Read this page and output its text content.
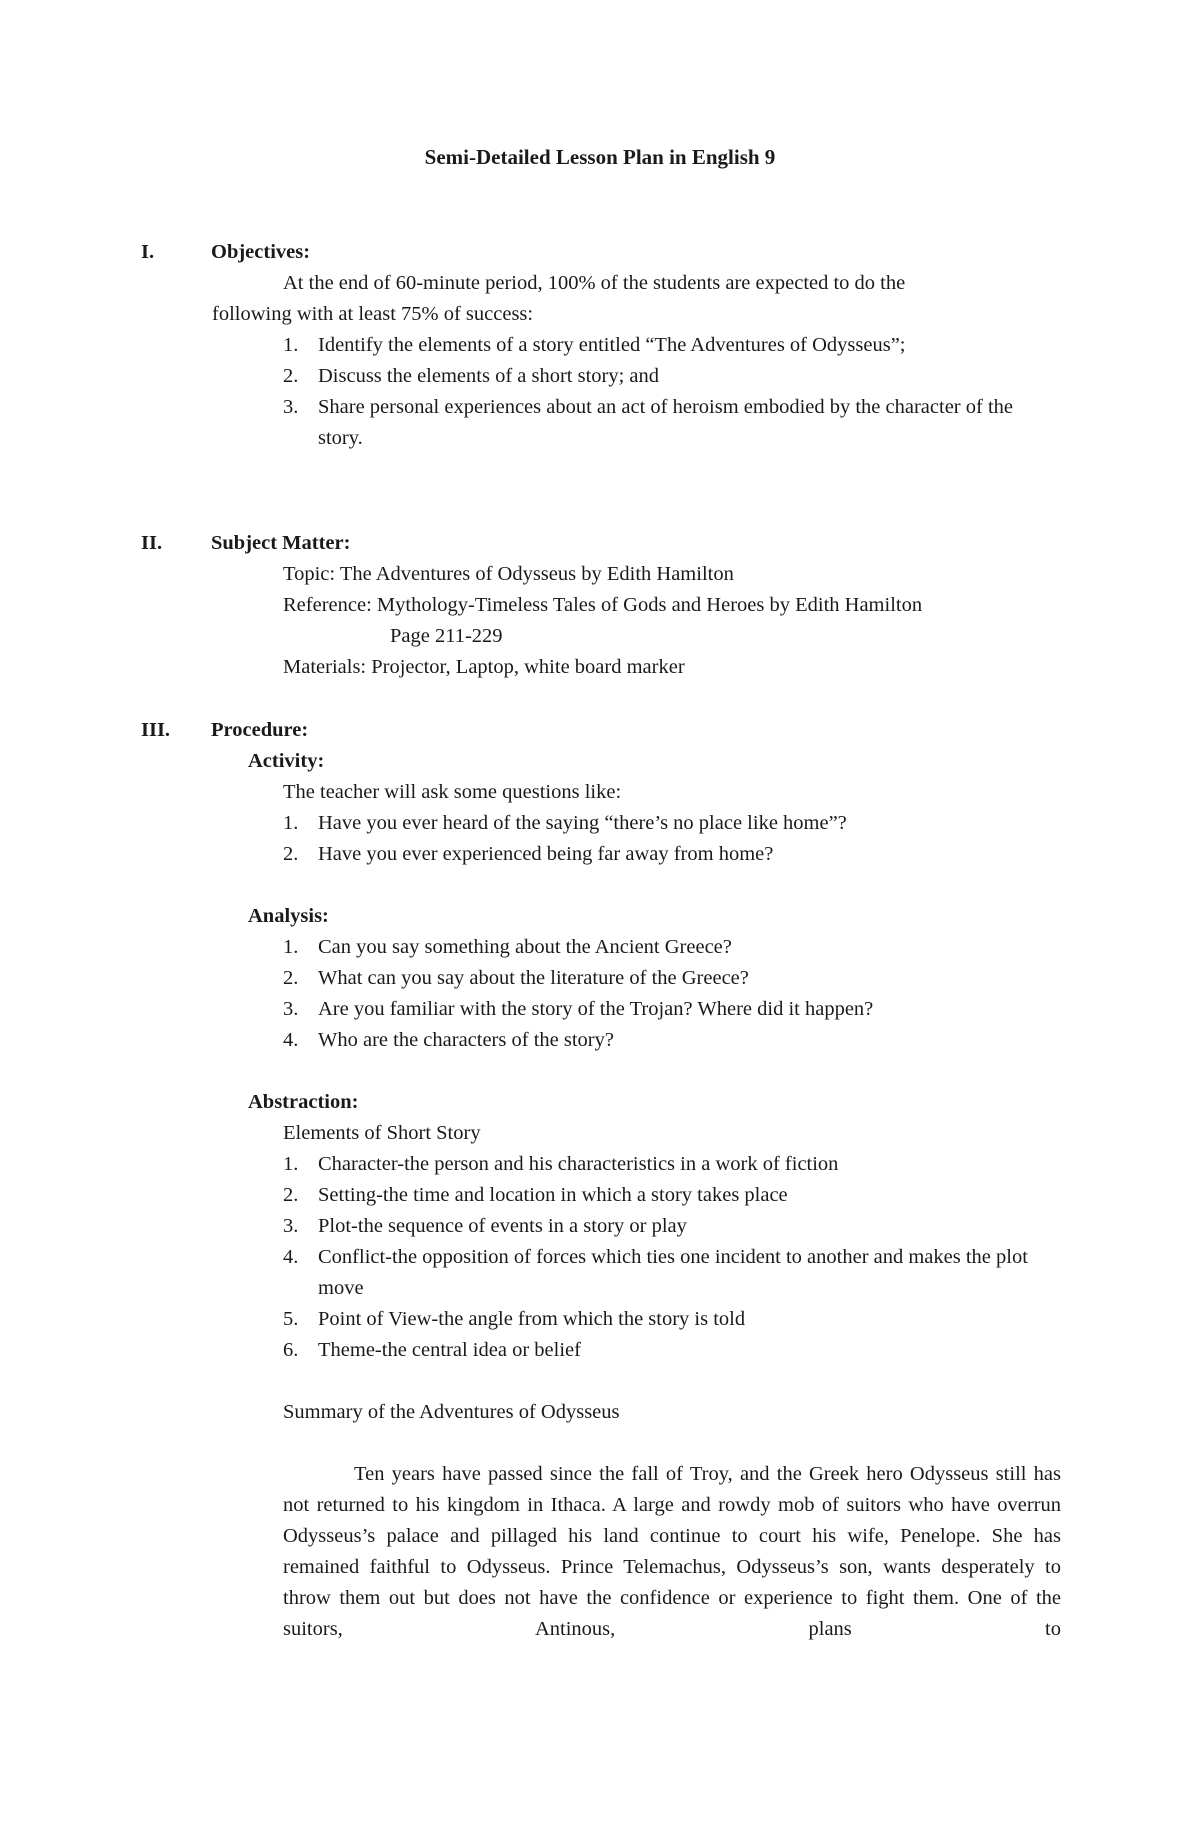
Semi-Detailed Lesson Plan in English 9
I.	Objectives:
At the end of 60-minute period, 100% of the students are expected to do the
following with at least 75% of success:
1. Identify the elements of a story entitled “The Adventures of Odysseus”;
2. Discuss the elements of a short story; and
3. Share personal experiences about an act of heroism embodied by the character of the story.
II. Subject Matter:
Topic: The Adventures of Odysseus by Edith Hamilton
Reference: Mythology-Timeless Tales of Gods and Heroes by Edith Hamilton
Page 211-229
Materials: Projector, Laptop, white board marker
III. Procedure:
Activity:
The teacher will ask some questions like:
1. Have you ever heard of the saying “there’s no place like home”?
2. Have you ever experienced being far away from home?
Analysis:
1. Can you say something about the Ancient Greece?
2. What can you say about the literature of the Greece?
3. Are you familiar with the story of the Trojan? Where did it happen?
4. Who are the characters of the story?
Abstraction:
Elements of Short Story
1. Character-the person and his characteristics in a work of fiction
2. Setting-the time and location in which a story takes place
3. Plot-the sequence of events in a story or play
4. Conflict-the opposition of forces which ties one incident to another and makes the plot move
5. Point of View-the angle from which the story is told
6. Theme-the central idea or belief
Summary of the Adventures of Odysseus
Ten years have passed since the fall of Troy, and the Greek hero Odysseus still has not returned to his kingdom in Ithaca. A large and rowdy mob of suitors who have overrun Odysseus’s palace and pillaged his land continue to court his wife, Penelope. She has remained faithful to Odysseus. Prince Telemachus, Odysseus’s son, wants desperately to throw them out but does not have the confidence or experience to fight them. One of the suitors, Antinous, plans to
